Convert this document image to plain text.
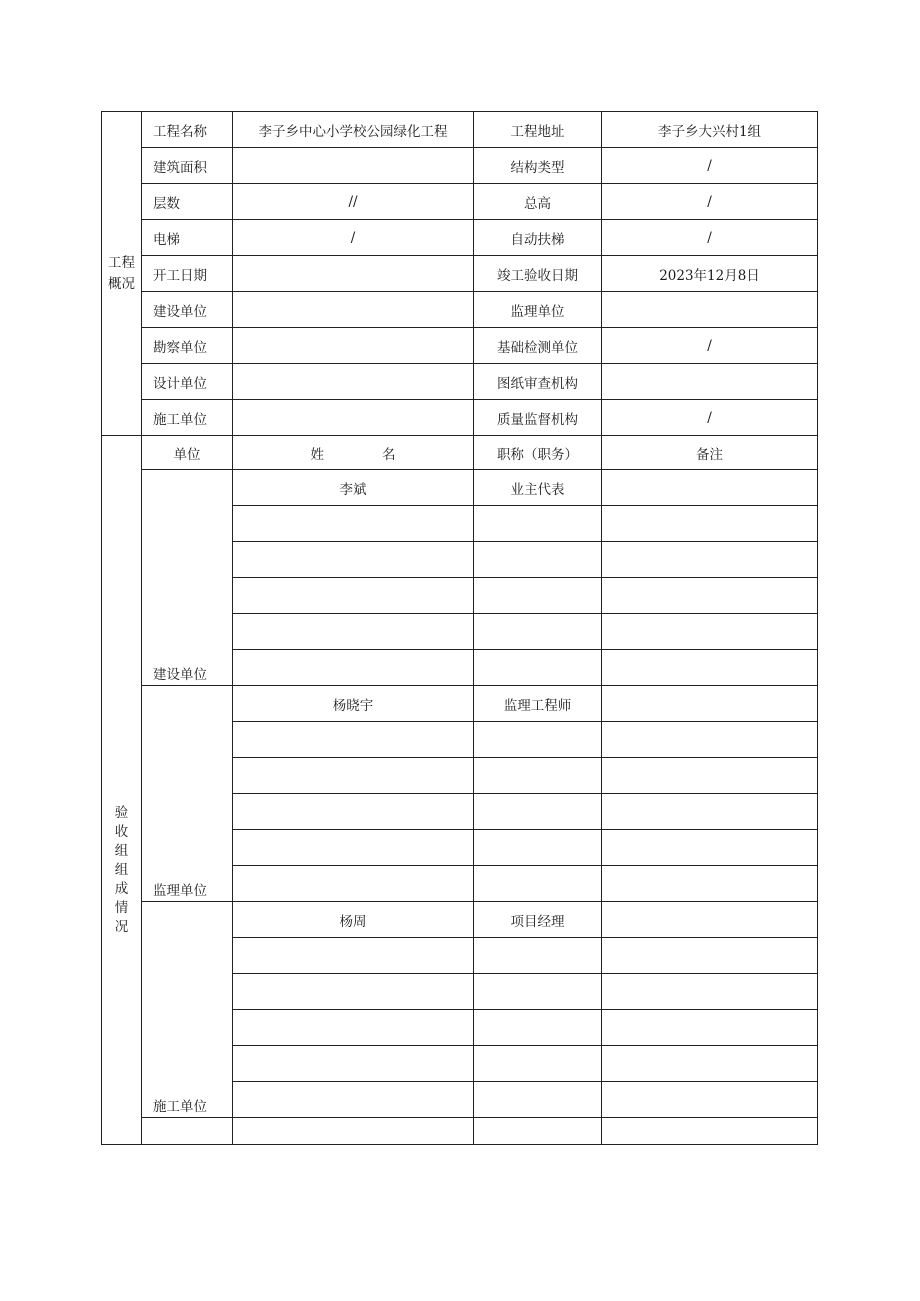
工程概况	工程名称	李子乡中心小学校公园绿化工程	工程地址	李子乡大兴村1组	
	建筑面积		结构类型	/	
	层数	//	总高	/	
	电梯	/	自动扶梯	/	
	开工日期		竣工验收日期	2023年12月8日	
	建设单位		监理单位		
	勘察单位		基础检测单位	/	
	设计单位		图纸审查机构		
	施工单位		质量监督机构	/	
验收组组成情况	单位	姓 名	职称（职务）	备注	
	建设单位	李斌	业主代表		

	监理单位	杨晓宇	监理工程师		

	施工单位	杨周	项目经理		
